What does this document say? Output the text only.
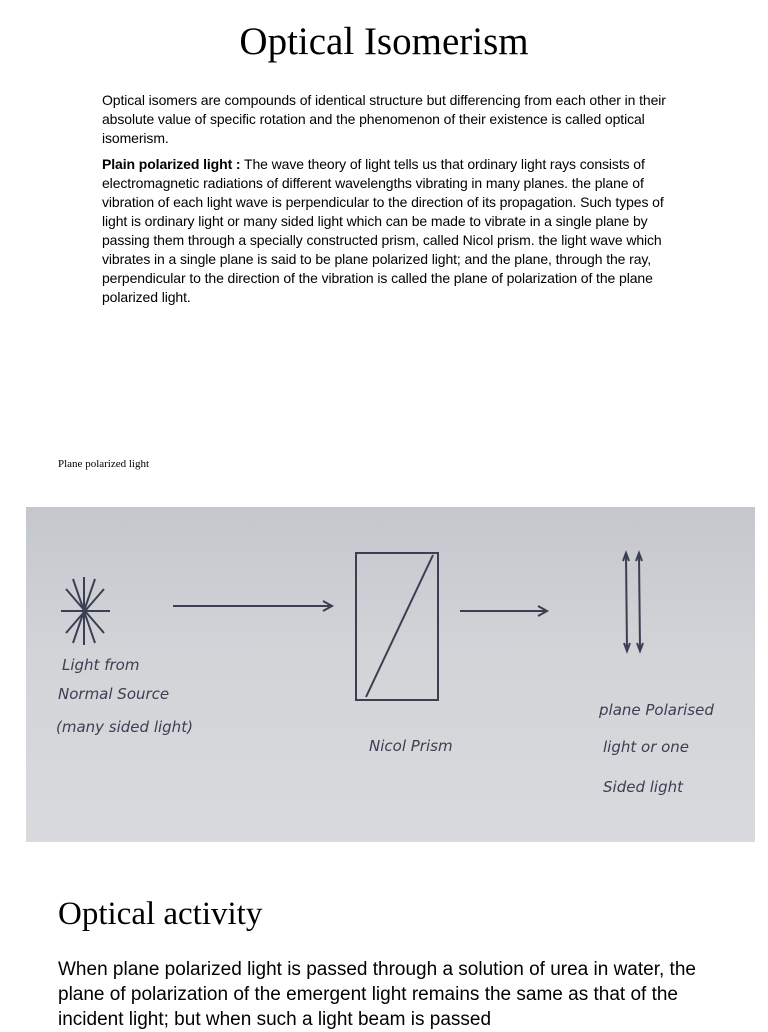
Optical Isomerism

Optical isomers are compounds of identical structure but differencing from each other in their absolute value of specific rotation and the phenomenon of their existence is called optical isomerism.

Plain polarized light : The wave theory of light tells us that ordinary light rays consists of electromagnetic radiations of different wavelengths vibrating in many planes. the plane of vibration of each light wave is perpendicular to the direction of its propagation. Such types of light is ordinary light or many sided light which can be made to vibrate in a single plane by passing them through a specially constructed prism, called Nicol prism. the light wave which vibrates in a single plane is said to be plane polarized light; and the plane, through the ray, perpendicular to the direction of the vibration is called the plane of polarization of the plane polarized light.

Plane polarized light
Light from
Normal Source
(many sided light)
Nicol Prism
plane Polarised
light or one
Sided light
Optical activity

When plane polarized light is passed through a solution of urea in water, the plane of polarization of the emergent light remains the same as that of the incident light; but when such a light beam is passed
